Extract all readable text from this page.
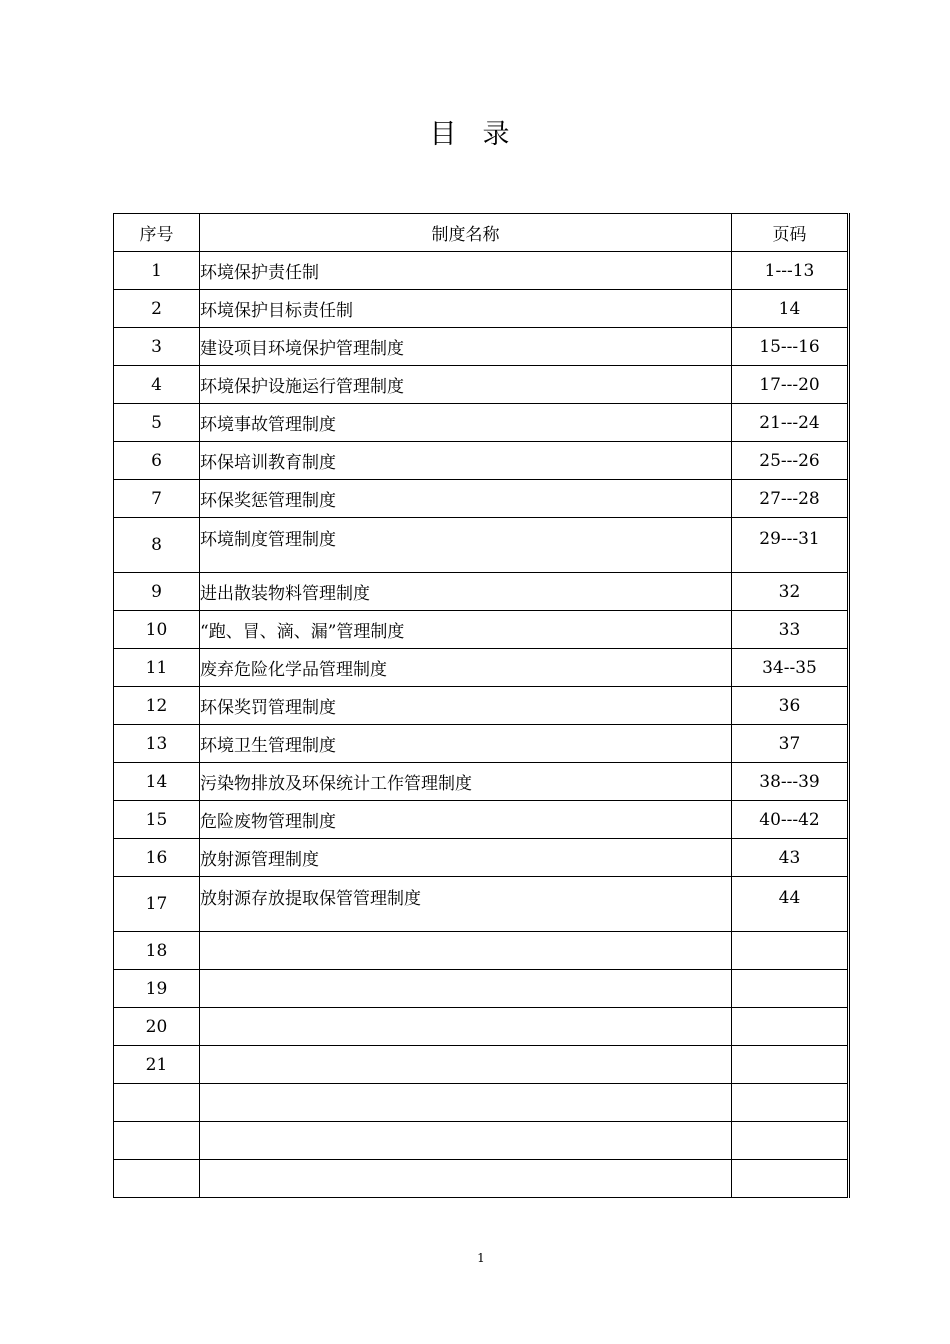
目录
序号	制度名称	页码
1	环境保护责任制	1---13
2	环境保护目标责任制	14
3	建设项目环境保护管理制度	15---16
4	环境保护设施运行管理制度	17---20
5	环境事故管理制度	21---24
6	环保培训教育制度	25---26
7	环保奖惩管理制度	27---28
8	环境制度管理制度	29---31
9	进出散装物料管理制度	32
10	“跑、冒、滴、漏”管理制度	33
11	废弃危险化学品管理制度	34--35
12	环保奖罚管理制度	36
13	环境卫生管理制度	37
14	污染物排放及环保统计工作管理制度	38---39
15	危险废物管理制度	40---42
16	放射源管理制度	43
17	放射源存放提取保管管理制度	44
18		
19		
20		
21		

1
